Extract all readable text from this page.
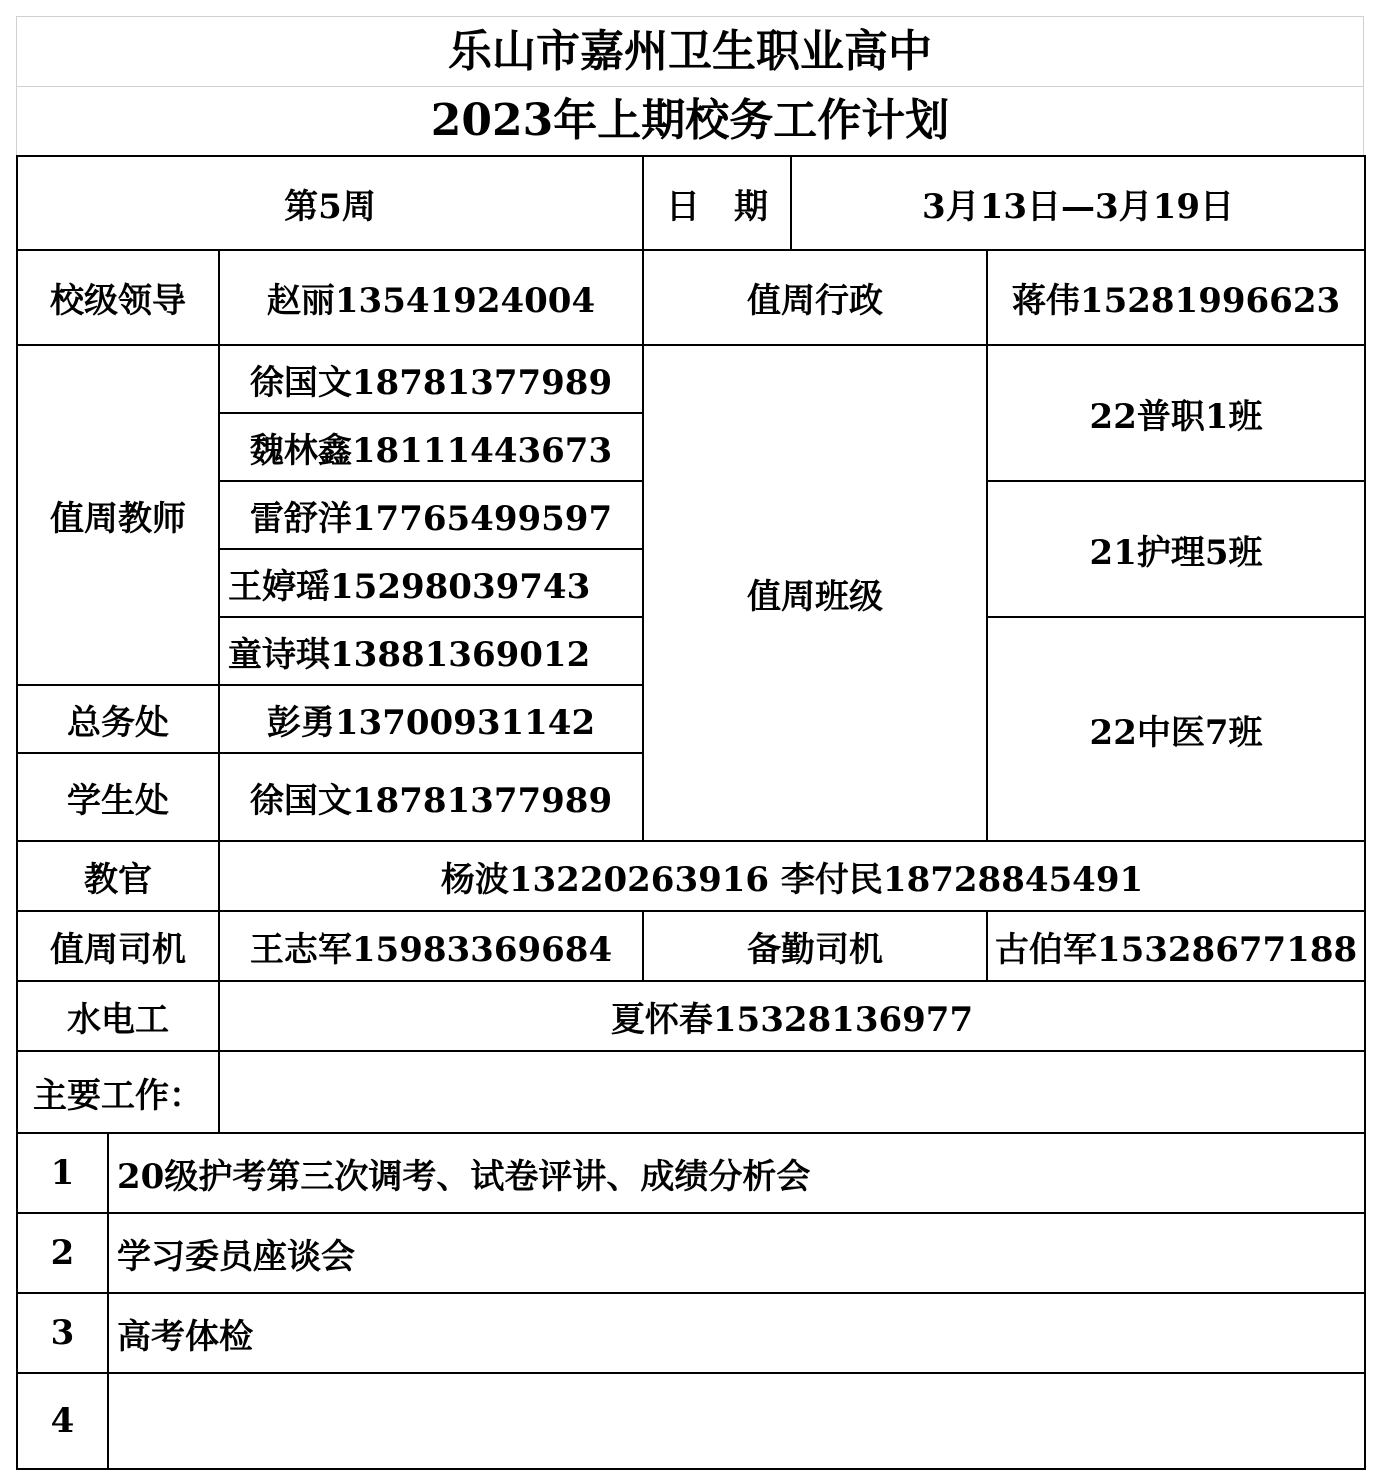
乐山市嘉州卫生职业高中
2023年上期校务工作计划
第5周			日　期	3月13日—3月19日	
校级领导		赵丽13541924004	值周行政		蒋伟15281996623
值周教师		徐国文18781377989	值周班级		22普职1班
		魏林鑫18111443673			
		雷舒洋17765499597			21护理5班
		王婷瑶15298039743			
		童诗琪13881369012			22中医7班
总务处		彭勇13700931142			
学生处		徐国文18781377989			
教官		杨波13220263916 李付民18728845491			
值周司机		王志军15983369684	备勤司机		古伯军15328677188
水电工		夏怀春15328136977			
主要工作：					
1	20级护考第三次调考、试卷评讲、成绩分析会				
2	学习委员座谈会				
3	高考体检				
4					
